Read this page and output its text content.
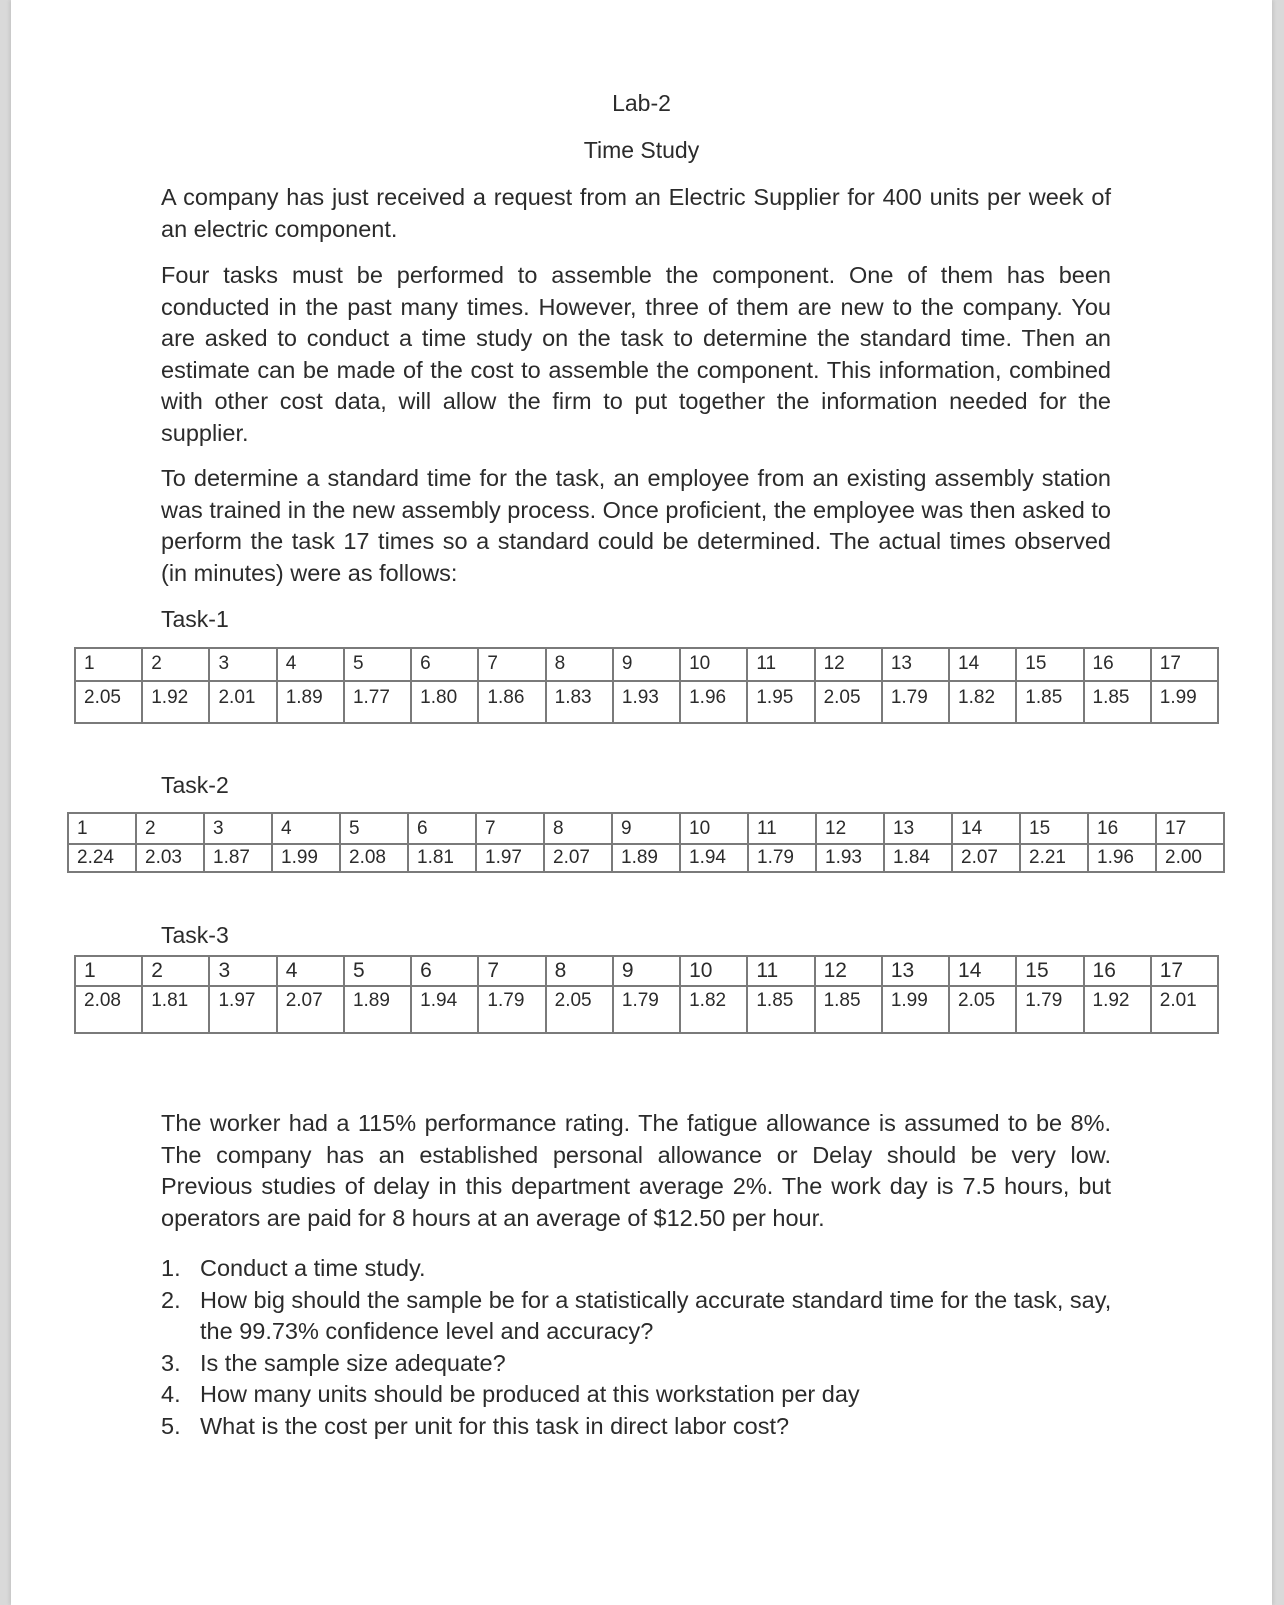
Lab-2
Time Study

A company has just received a request from an Electric Supplier for 400 units per week of an electric component.

Four tasks must be performed to assemble the component. One of them has been conducted in the past many times. However, three of them are new to the company. You are asked to conduct a time study on the task to determine the standard time. Then an estimate can be made of the cost to assemble the component. This information, combined with other cost data, will allow the firm to put together the information needed for the supplier.

To determine a standard time for the task, an employee from an existing assembly station was trained in the new assembly process. Once proficient, the employee was then asked to perform the task 17 times so a standard could be determined. The actual times observed (in minutes) were as follows:

Task-1
1	2	3	4	5	6	7	8	9	10	11	12	13	14	15	16	17
2.05	1.92	2.01	1.89	1.77	1.80	1.86	1.83	1.93	1.96	1.95	2.05	1.79	1.82	1.85	1.85	1.99
Task-2
1	2	3	4	5	6	7	8	9	10	11	12	13	14	15	16	17
2.24	2.03	1.87	1.99	2.08	1.81	1.97	2.07	1.89	1.94	1.79	1.93	1.84	2.07	2.21	1.96	2.00
Task-3
1	2	3	4	5	6	7	8	9	10	11	12	13	14	15	16	17
2.08	1.81	1.97	2.07	1.89	1.94	1.79	2.05	1.79	1.82	1.85	1.85	1.99	2.05	1.79	1.92	2.01

The worker had a 115% performance rating. The fatigue allowance is assumed to be 8%. The company has an established personal allowance or Delay should be very low. Previous studies of delay in this department average 2%. The work day is 7.5 hours, but operators are paid for 8 hours at an average of $12.50 per hour.

1. Conduct a time study.
2. How big should the sample be for a statistically accurate standard time for the task, say, the 99.73% confidence level and accuracy?
3. Is the sample size adequate?
4. How many units should be produced at this workstation per day
5. What is the cost per unit for this task in direct labor cost?
